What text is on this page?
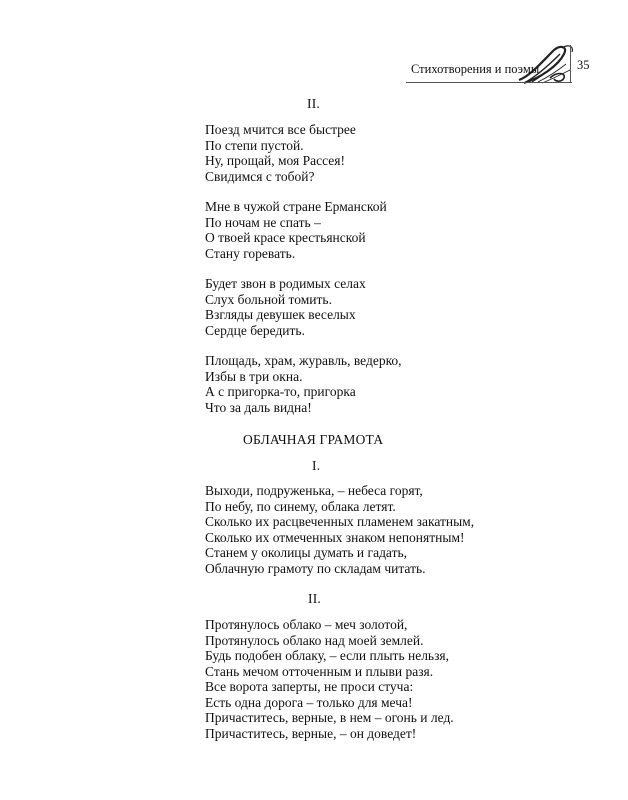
Стихотворения и поэмы	35
II.
Поезд мчится все быстрее
По степи пустой.
Ну, прощай, моя Рассея!
Свидимся с тобой?
Мне в чужой стране Ерманской
По ночам не спать –
О твоей красе крестьянской
Стану горевать.
Будет звон в родимых селах
Слух больной томить.
Взгляды девушек веселых
Сердце бередить.
Площадь, храм, журавль, ведерко,
Избы в три окна.
А с пригорка-то, пригорка
Что за даль видна!
ОБЛАЧНАЯ ГРАМОТА
I.
Выходи, подруженька, – небеса горят,
По небу, по синему, облака летят.
Сколько их расцвеченных пламенем закатным,
Сколько их отмеченных знаком непонятным!
Станем у околицы думать и гадать,
Облачную грамоту по складам читать.
II.
Протянулось облако – меч золотой,
Протянулось облако над моей землей.
Будь подобен облаку, – если плыть нельзя,
Стань мечом отточенным и плыви разя.
Все ворота заперты, не проси стуча:
Есть одна дорога – только для меча!
Причаститесь, верные, в нем – огонь и лед.
Причаститесь, верные, – он доведет!
